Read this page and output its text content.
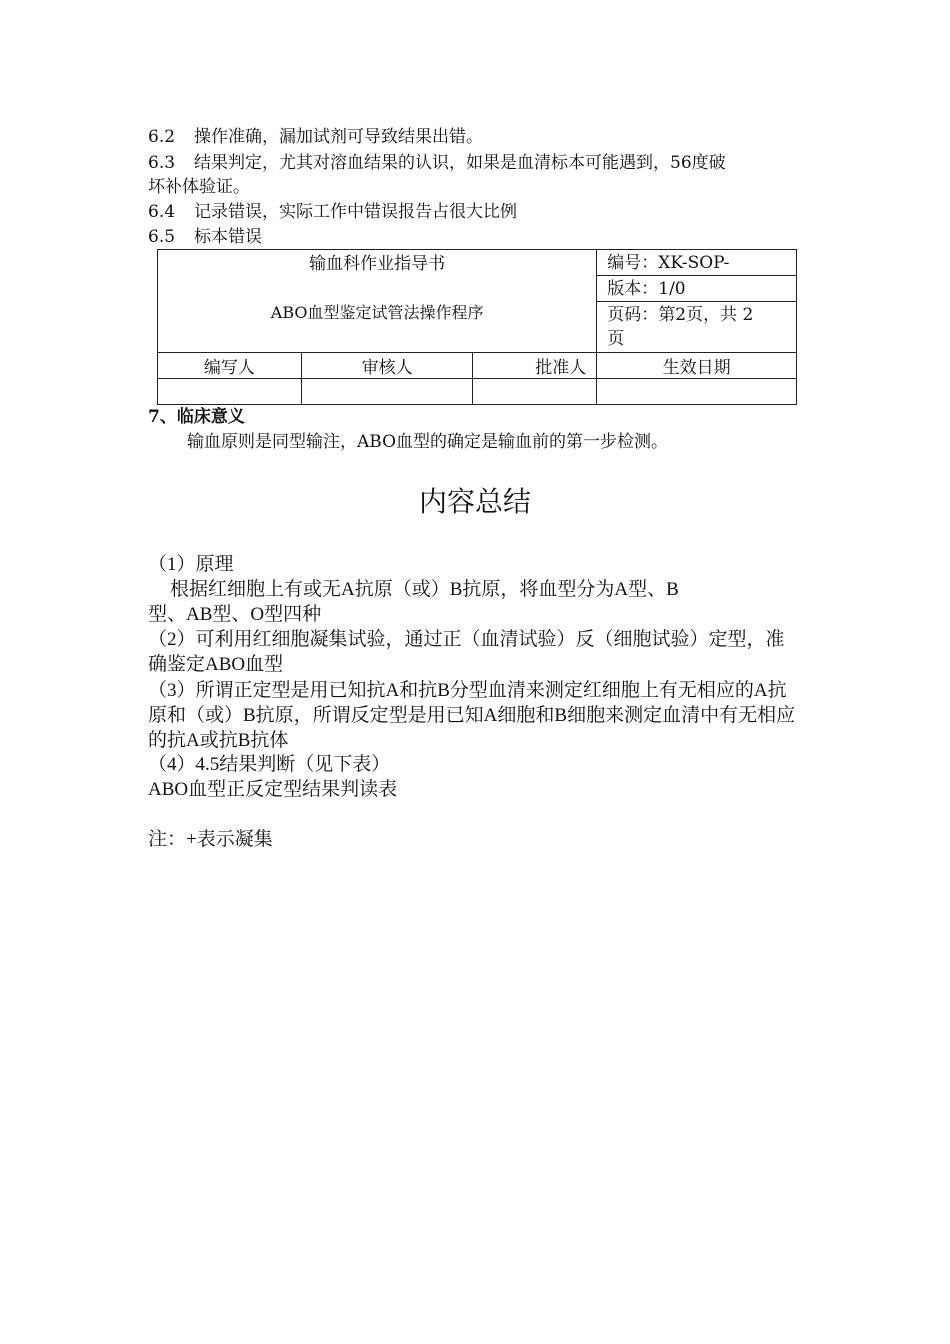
6.2 操作准确，漏加试剂可导致结果出错。
6.3 结果判定，尤其对溶血结果的认识，如果是血清标本可能遇到，56度破
坏补体验证。
6.4 记录错误，实际工作中错误报告占很大比例
6.5 标本错误
输血科作业指导书
ABO血型鉴定试管法操作程序			编号：XK-SOP-
			版本：1/0

			页码：第2页，共 2
页

编写人	审核人	批准人	生效日期

7、临床意义
输血原则是同型输注，ABO血型的确定是输血前的第一步检测。
内容总结
（1）原理
根据红细胞上有或无A抗原（或）B抗原，将血型分为A型、B
型、AB型、O型四种
（2）可利用红细胞凝集试验，通过正（血清试验）反（细胞试验）定型，准确鉴定ABO血型
（3）所谓正定型是用已知抗A和抗B分型血清来测定红细胞上有无相应的A抗原和（或）B抗原，所谓反定型是用已知A细胞和B细胞来测定血清中有无相应的抗A或抗B抗体
（4）4.5结果判断（见下表）
ABO血型正反定型结果判读表
注：+表示凝集
